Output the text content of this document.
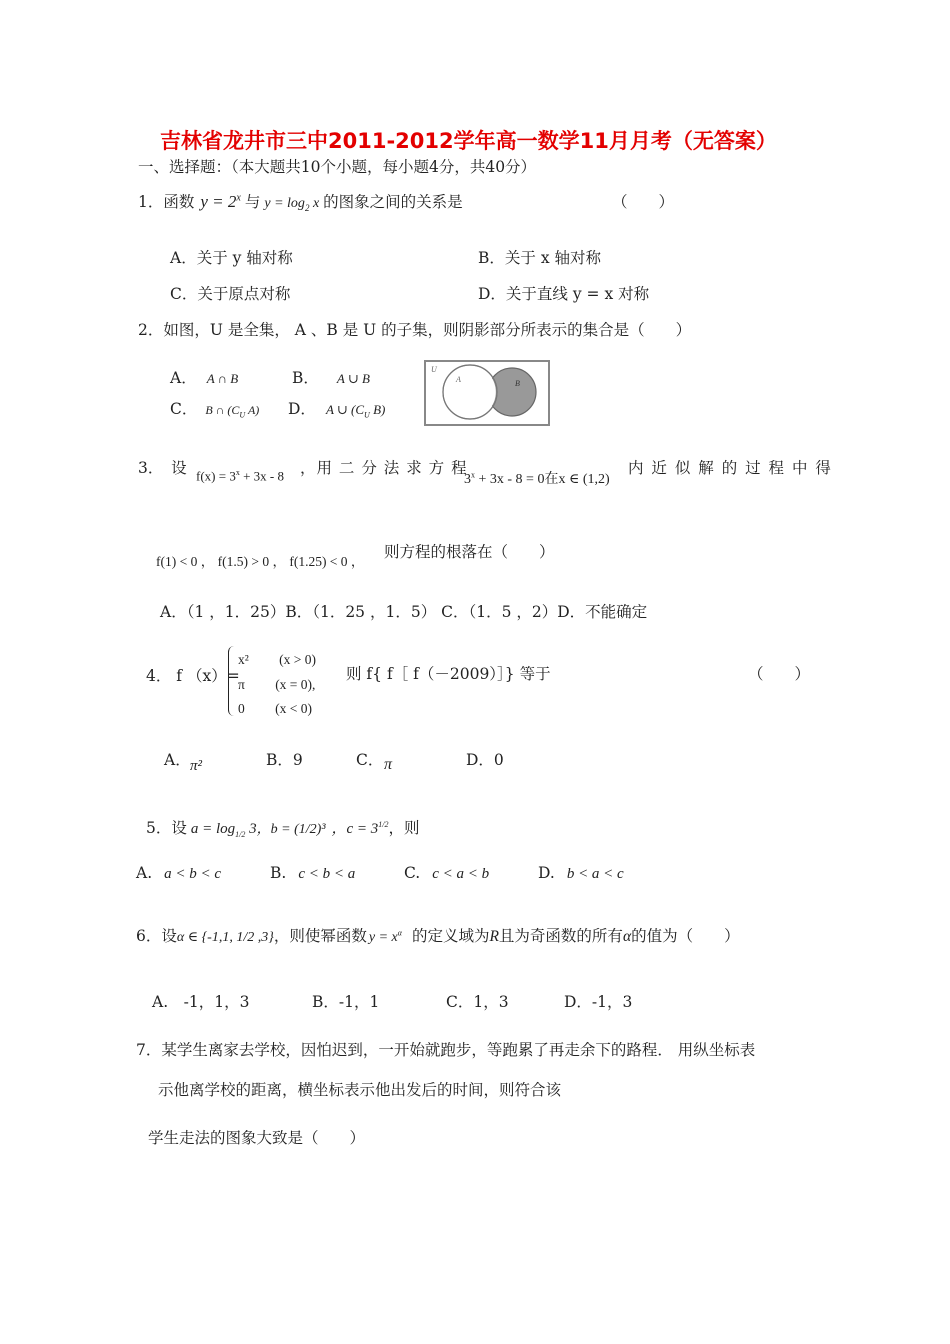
吉林省龙井市三中2011-2012学年高一数学11月月考（无答案）
一、选择题：（本大题共10个小题，每小题4分，共40分）
1．函数 $y = 2^x$ 与 $y = \log_2 x$ 的图象之间的关系是	（　　）
A．关于 y 轴对称	B．关于 x 轴对称
C．关于原点对称	D．关于直线 y = x 对称
2．如图，U 是全集， A 、B 是 U 的子集，则阴影部分所表示的集合是（　　）
A． A ∩ B	B． A ∪ B
C． B ∩ ($C_U$ A) D． A ∪ ($C_U$ B)
U
A	B
3．　设 $f(x) = 3^x + 3x - 8$ ，用 二 分 法 求 方 程
$3^x + 3x - 8 = 0$在x ∈ (1,2)
内 近 似 解 的 过 程 中 得
f(1) < 0 ， f(1.5) > 0 ， f(1.25) < 0 ，
则方程的根落在（　　）
A．（1 ，1．25）B．（1．25 ，1．5） C．（1．5 ，2）D．不能确定
4． f （x）=
x² 　　(x > 0)
π 　　(x = 0),
0 　　(x < 0)
则 f{ f［ f（－2009）］} 等于	（　　）
A． π²	B．9	C． π	D．0
5．设 $a = \log_{1/2} 3$，b = (1/2)³ ，$c = 3^{1/2}$，则
A. a < b < c	B. c < b < a	C. c < a < b	D. b < a < c
6．设α ∈ {-1,1, 1/2 ,3}，则使幂函数 $y = x^\alpha$ 的定义域为R且为奇函数的所有α的值为（　　）
A.　-1，1，3	B．-1，1	C．1，3	D．-1，3
7．某学生离家去学校，因怕迟到，一开始就跑步，等跑累了再走余下的路程． 用纵坐标表
示他离学校的距离，横坐标表示他出发后的时间，则符合该
学生走法的图象大致是（　　）
